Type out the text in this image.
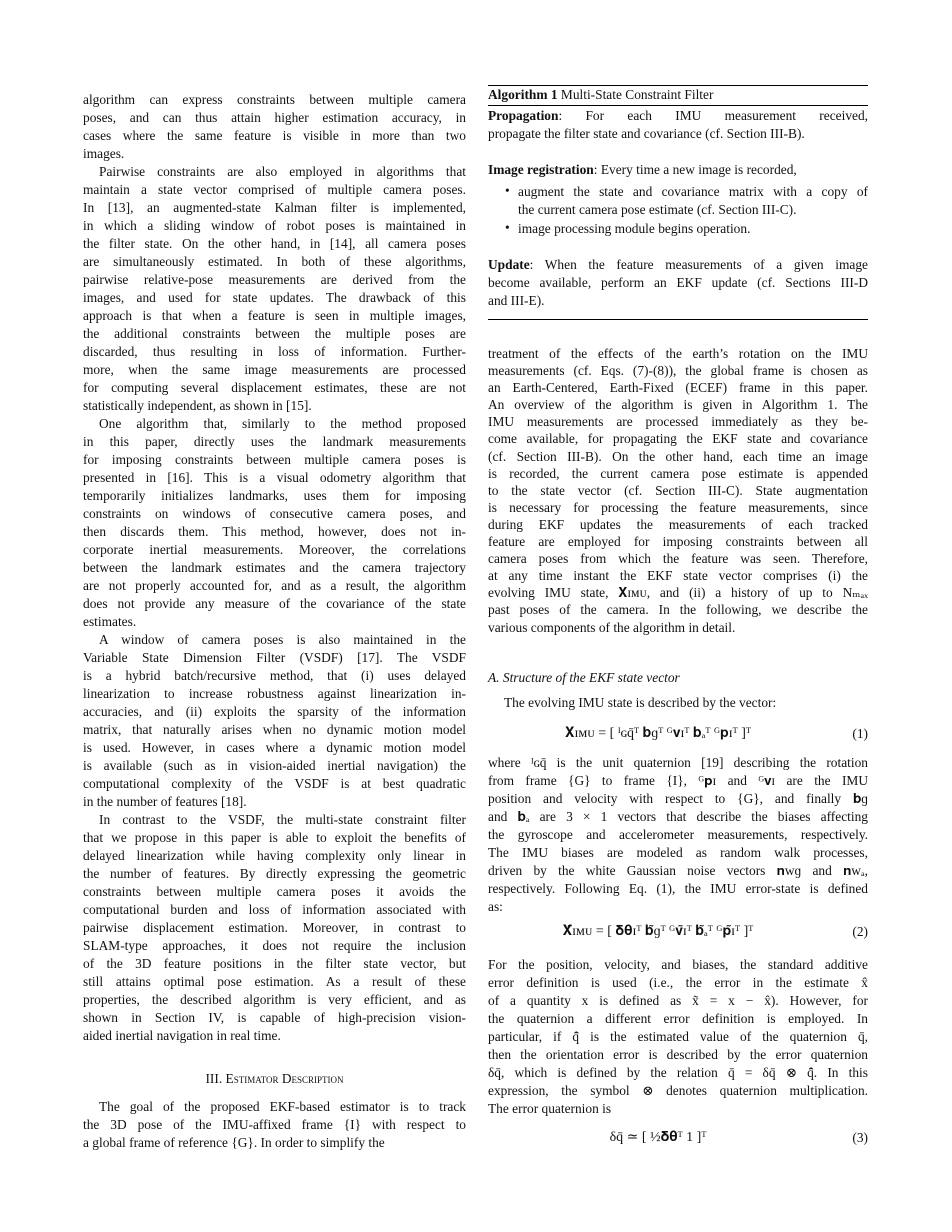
algorithm can express constraints between multiple camera
poses, and can thus attain higher estimation accuracy, in
cases where the same feature is visible in more than two
images.
Pairwise constraints are also employed in algorithms that
maintain a state vector comprised of multiple camera poses.
In [13], an augmented-state Kalman filter is implemented,
in which a sliding window of robot poses is maintained in
the filter state. On the other hand, in [14], all camera poses
are simultaneously estimated. In both of these algorithms,
pairwise relative-pose measurements are derived from the
images, and used for state updates. The drawback of this
approach is that when a feature is seen in multiple images,
the additional constraints between the multiple poses are
discarded, thus resulting in loss of information. Further-
more, when the same image measurements are processed
for computing several displacement estimates, these are not
statistically independent, as shown in [15].
One algorithm that, similarly to the method proposed
in this paper, directly uses the landmark measurements
for imposing constraints between multiple camera poses is
presented in [16]. This is a visual odometry algorithm that
temporarily initializes landmarks, uses them for imposing
constraints on windows of consecutive camera poses, and
then discards them. This method, however, does not in-
corporate inertial measurements. Moreover, the correlations
between the landmark estimates and the camera trajectory
are not properly accounted for, and as a result, the algorithm
does not provide any measure of the covariance of the state
estimates.
A window of camera poses is also maintained in the
Variable State Dimension Filter (VSDF) [17]. The VSDF
is a hybrid batch/recursive method, that (i) uses delayed
linearization to increase robustness against linearization in-
accuracies, and (ii) exploits the sparsity of the information
matrix, that naturally arises when no dynamic motion model
is used. However, in cases where a dynamic motion model
is available (such as in vision-aided inertial navigation) the
computational complexity of the VSDF is at best quadratic
in the number of features [18].
In contrast to the VSDF, the multi-state constraint filter
that we propose in this paper is able to exploit the benefits of
delayed linearization while having complexity only linear in
the number of features. By directly expressing the geometric
constraints between multiple camera poses it avoids the
computational burden and loss of information associated with
pairwise displacement estimation. Moreover, in contrast to
SLAM-type approaches, it does not require the inclusion
of the 3D feature positions in the filter state vector, but
still attains optimal pose estimation. As a result of these
properties, the described algorithm is very efficient, and as
shown in Section IV, is capable of high-precision vision-
aided inertial navigation in real time.
III. Estimator Description
The goal of the proposed EKF-based estimator is to track
the 3D pose of the IMU-affixed frame {I} with respect to
a global frame of reference {G}. In order to simplify the
Algorithm 1 Multi-State Constraint Filter
Propagation: For each IMU measurement received,
propagate the filter state and covariance (cf. Section III-B).
Image registration: Every time a new image is recorded,
• augment the state and covariance matrix with a copy of
the current camera pose estimate (cf. Section III-C).
• image processing module begins operation.
Update: When the feature measurements of a given image
become available, perform an EKF update (cf. Sections III-D
and III-E).
treatment of the effects of the earth’s rotation on the IMU
measurements (cf. Eqs. (7)-(8)), the global frame is chosen as
an Earth-Centered, Earth-Fixed (ECEF) frame in this paper.
An overview of the algorithm is given in Algorithm 1. The
IMU measurements are processed immediately as they be-
come available, for propagating the EKF state and covariance
(cf. Section III-B). On the other hand, each time an image
is recorded, the current camera pose estimate is appended
to the state vector (cf. Section III-C). State augmentation
is necessary for processing the feature measurements, since
during EKF updates the measurements of each tracked
feature are employed for imposing constraints between all
camera poses from which the feature was seen. Therefore,
at any time instant the EKF state vector comprises (i) the
evolving IMU state, 𝐗ɪᴍᴜ, and (ii) a history of up to Nₘₐₓ
past poses of the camera. In the following, we describe the
various components of the algorithm in detail.
A. Structure of the EKF state vector
The evolving IMU state is described by the vector:
𝐗ɪᴍᴜ = [ ᴵɢq̄ᵀ 𝐛ɡᵀ ᴳ𝐯ɪᵀ 𝐛ₐᵀ ᴳ𝐩ɪᵀ ]ᵀ	(1)
where ᴵɢq̄ is the unit quaternion [19] describing the rotation
from frame {G} to frame {I}, ᴳ𝐩ɪ and ᴳ𝐯ɪ are the IMU
position and velocity with respect to {G}, and finally 𝐛ɡ
and 𝐛ₐ are 3 × 1 vectors that describe the biases affecting
the gyroscope and accelerometer measurements, respectively.
The IMU biases are modeled as random walk processes,
driven by the white Gaussian noise vectors 𝐧wɡ and 𝐧wₐ,
respectively. Following Eq. (1), the IMU error-state is defined
as:
𝐗̃ɪᴍᴜ = [ 𝛅𝛉ɪᵀ 𝐛̃ɡᵀ ᴳ𝐯̃ɪᵀ 𝐛̃ₐᵀ ᴳ𝐩̃ɪᵀ ]ᵀ	(2)
For the position, velocity, and biases, the standard additive
error definition is used (i.e., the error in the estimate x̂
of a quantity x is defined as x̃ = x − x̂). However, for
the quaternion a different error definition is employed. In
particular, if q̄̂ is the estimated value of the quaternion q̄,
then the orientation error is described by the error quaternion
δq̄, which is defined by the relation q̄ = δq̄ ⊗ q̄̂. In this
expression, the symbol ⊗ denotes quaternion multiplication.
The error quaternion is
δq̄ ≃ [ ½𝛅𝛉ᵀ 1 ]ᵀ	(3)
